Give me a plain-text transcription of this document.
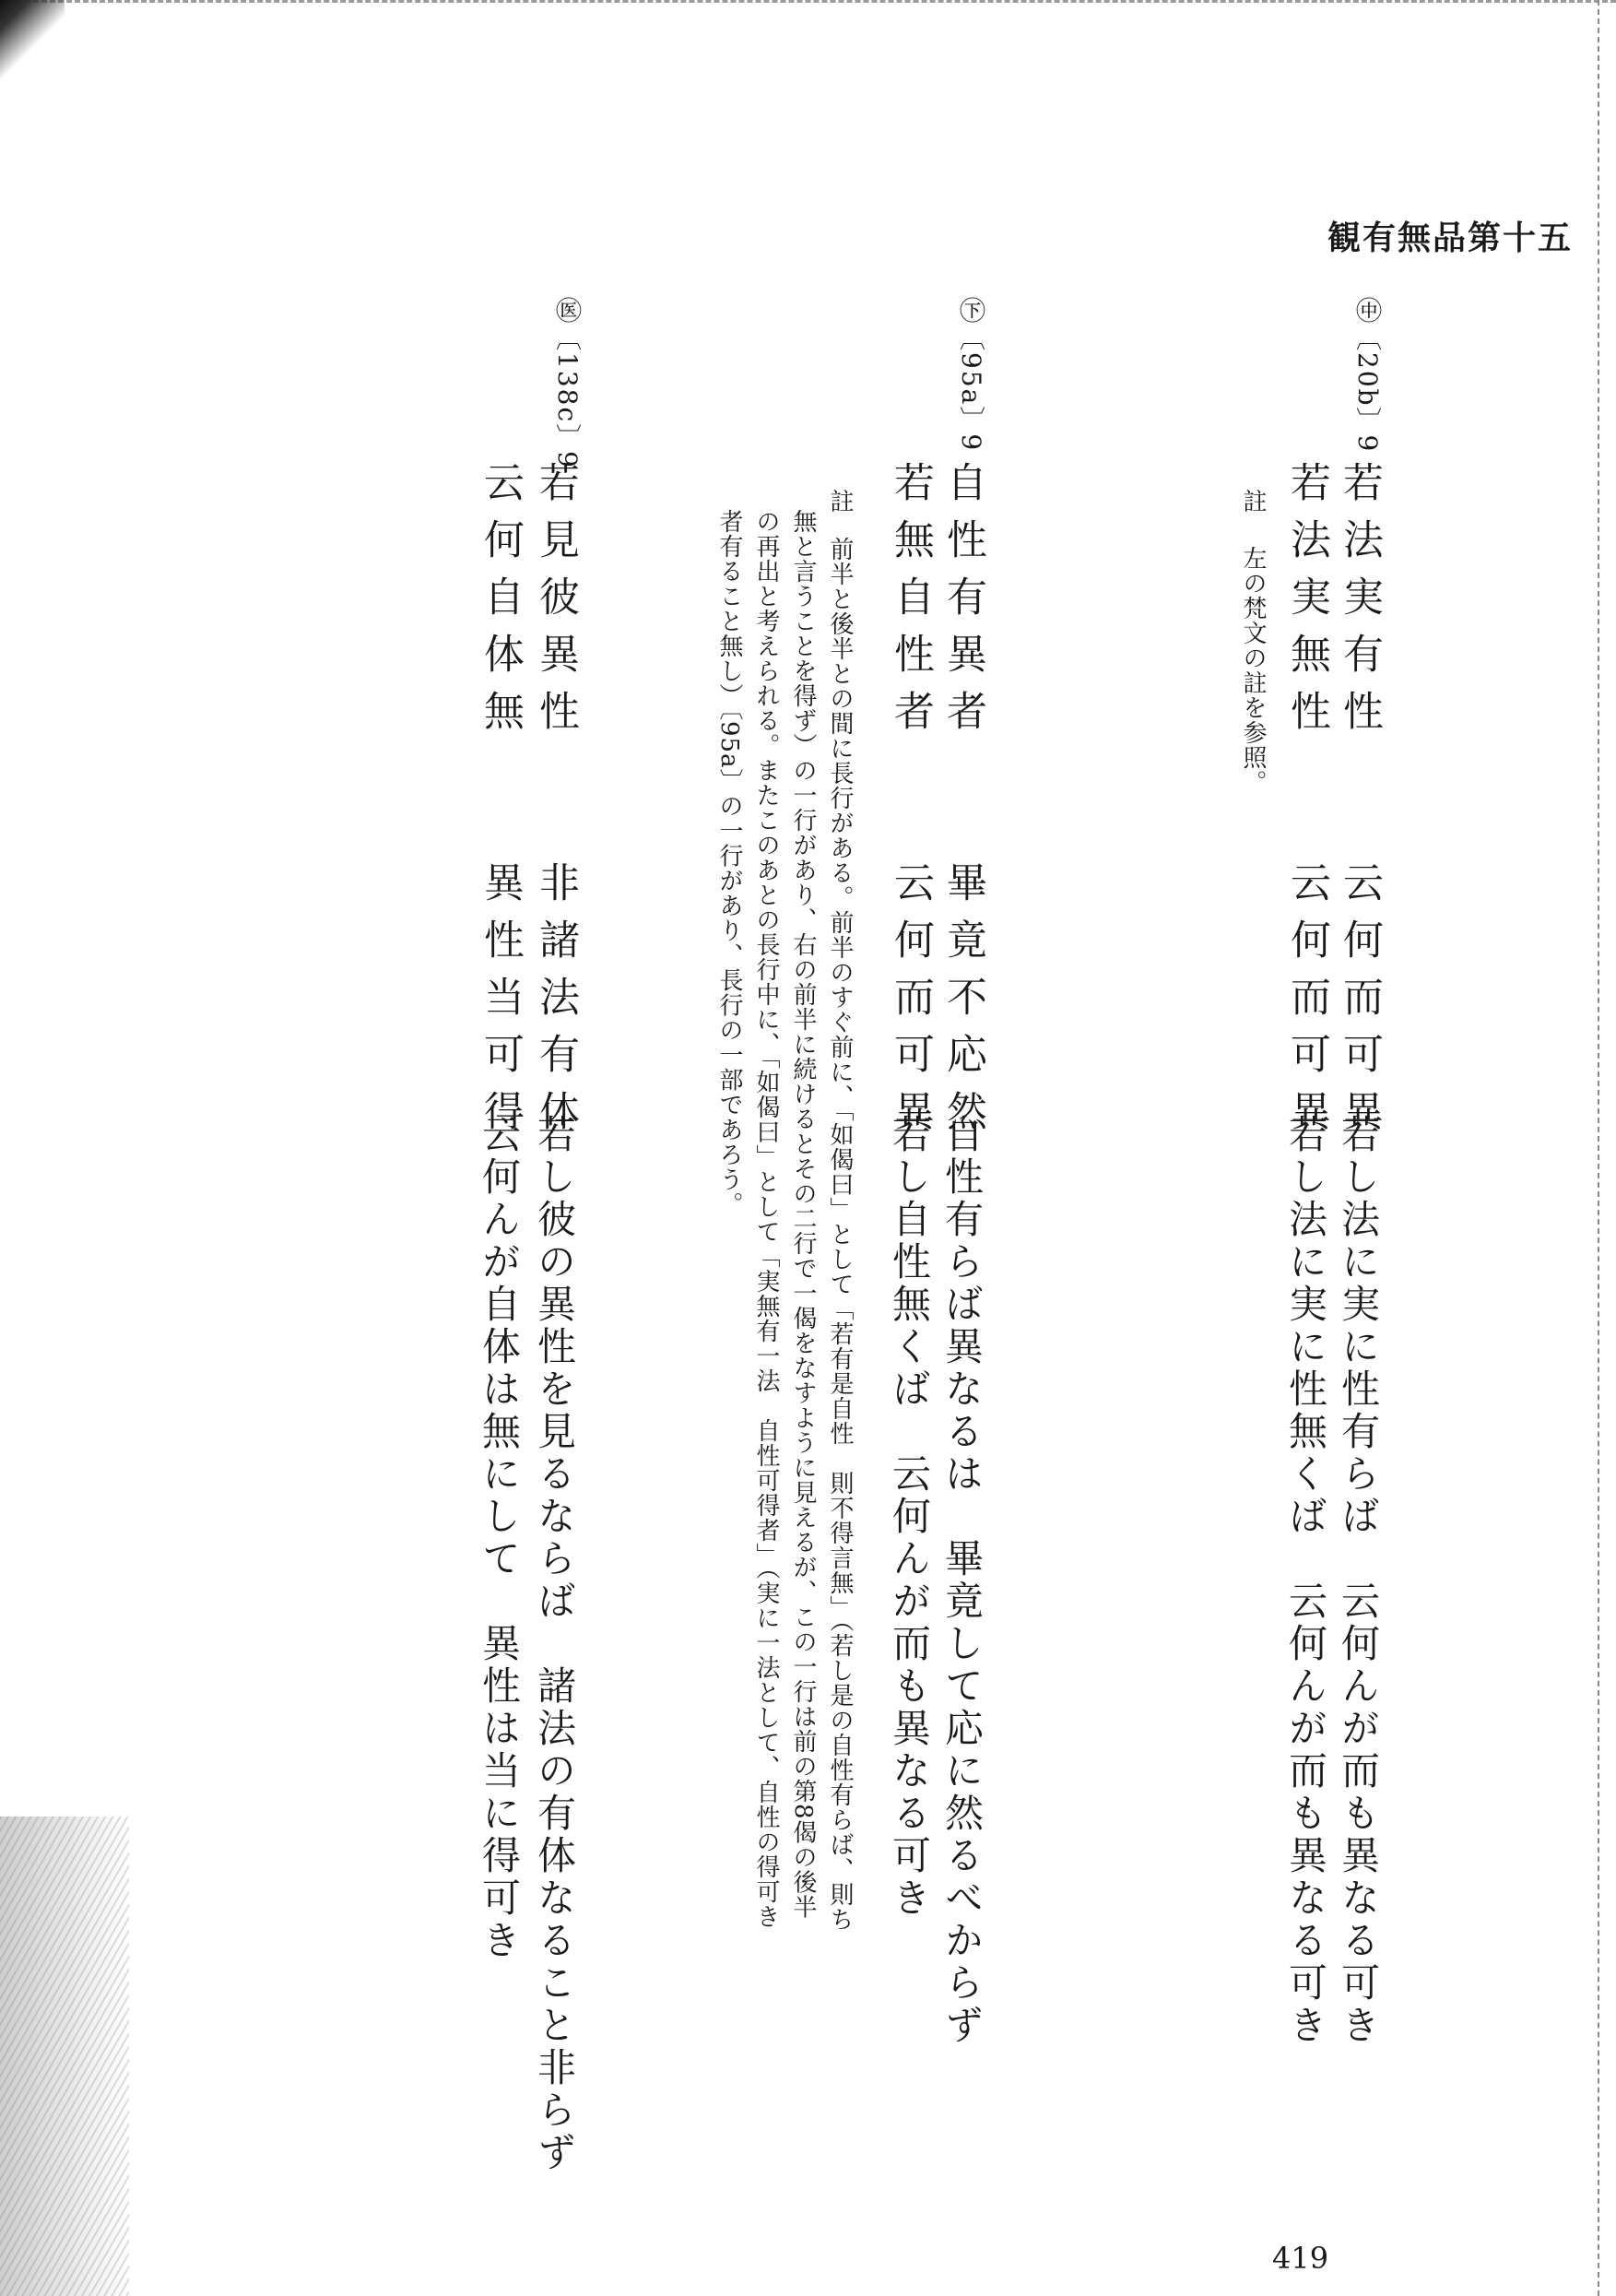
観有無品第十五
㊥〔20b〕9
若法実有性　　云何而可異
若法実無性　　云何而可異
註
左の梵文の註を参照。
若し法に実に性有らば　云何んが而も異なる可き
若し法に実に性無くば　云何んが而も異なる可き
㊦〔95a〕9
自性有異者　　畢竟不応然
若無自性者　　云何而可異
自性有らば異なるは　畢竟して応に然るべからず
若し自性無くば　云何んが而も異なる可き
註
前半と後半との間に長行がある。前半のすぐ前に、「如偈曰」として「若有是自性　則不得言無」（若し是の自性有らば、則ち
無と言うことを得ず）の一行があり、右の前半に続けるとその二行で一偈をなすように見えるが、この一行は前の第8偈の後半
の再出と考えられる。またこのあとの長行中に、「如偈曰」として「実無有一法　自性可得者」（実に一法として、自性の得可き
者有ること無し）〔95a〕の一行があり、長行の一部であろう。
㊩〔138c〕9
若見彼異性　　非諸法有体
云何自体無　　異性当可得
若し彼の異性を見るならば　諸法の有体なること非らず
云何んが自体は無にして　異性は当に得可き
419
